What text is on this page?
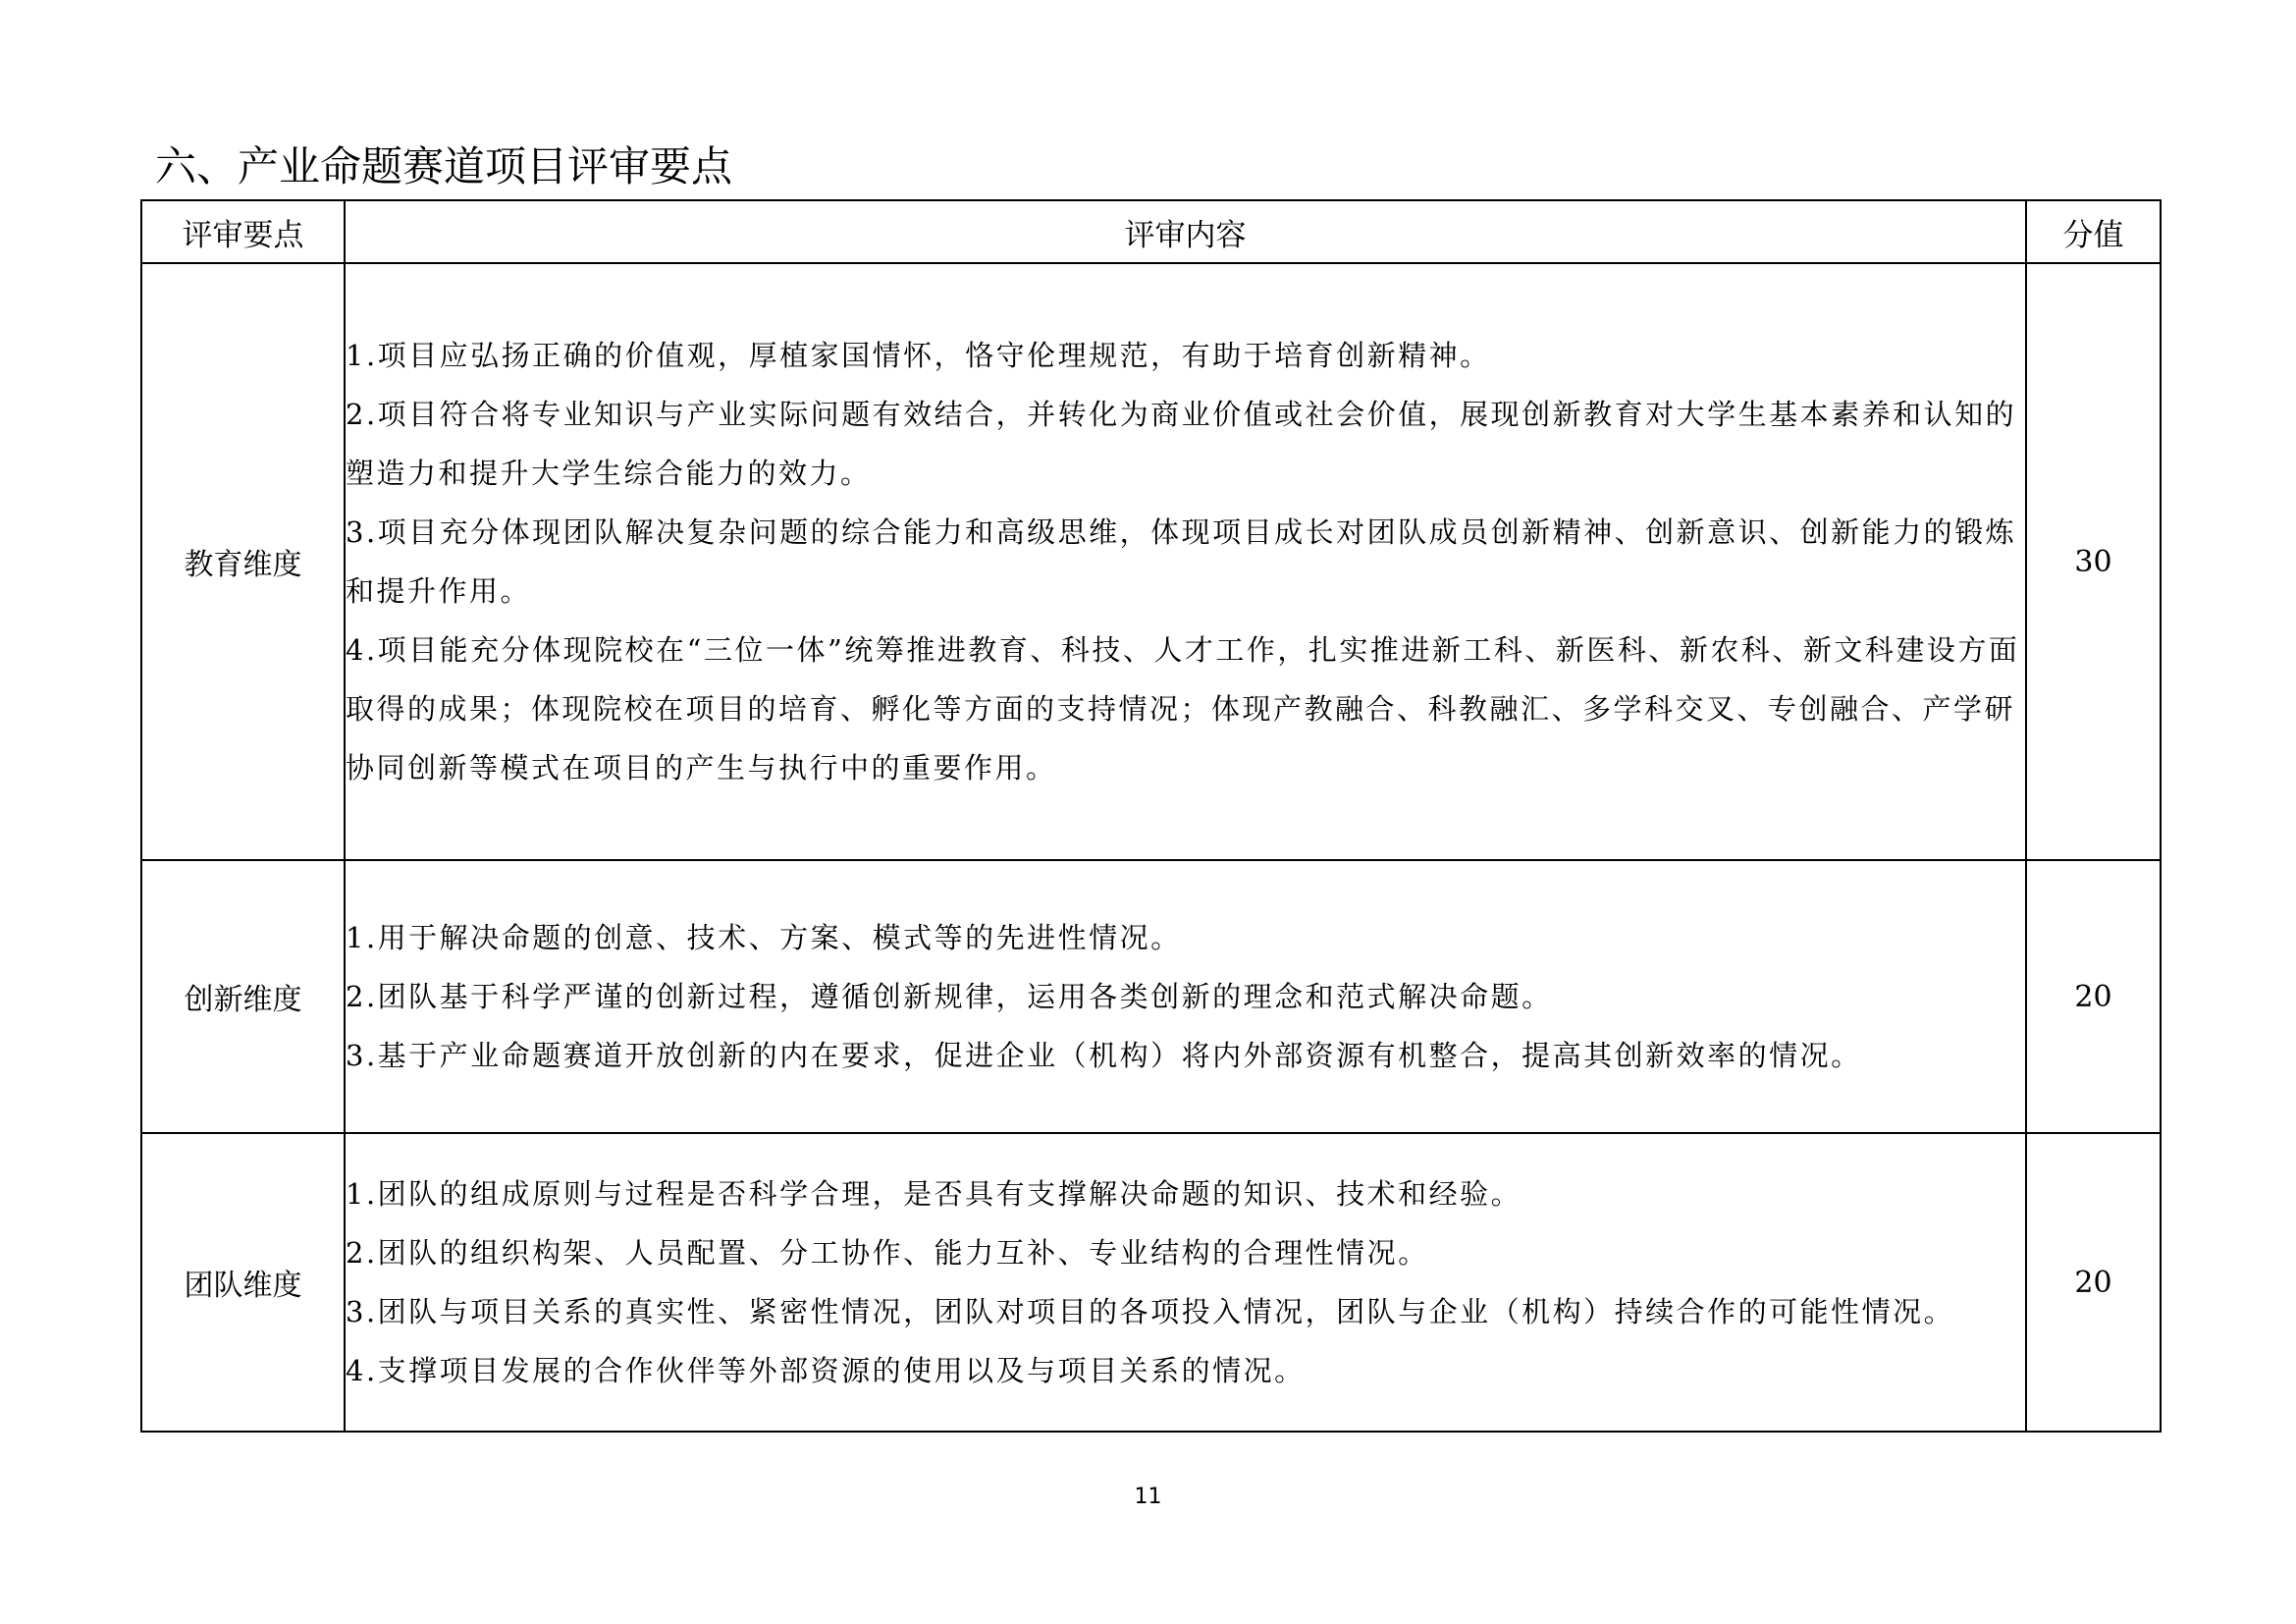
六、产业命题赛道项目评审要点
评审要点	评审内容	分值
教育维度	1.项目应弘扬正确的价值观，厚植家国情怀，恪守伦理规范，有助于培育创新精神。

2.项目符合将专业知识与产业实际问题有效结合，并转化为商业价值或社会价值，展现创新教育对大学生基本素养和认知的塑造力和提升大学生综合能力的效力。

3.项目充分体现团队解决复杂问题的综合能力和高级思维，体现项目成长对团队成员创新精神、创新意识、创新能力的锻炼和提升作用。

4.项目能充分体现院校在“三位一体”统筹推进教育、科技、人才工作，扎实推进新工科、新医科、新农科、新文科建设方面取得的成果；体现院校在项目的培育、孵化等方面的支持情况；体现产教融合、科教融汇、多学科交叉、专创融合、产学研协同创新等模式在项目的产生与执行中的重要作用。	30
创新维度	1.用于解决命题的创意、技术、方案、模式等的先进性情况。

2.团队基于科学严谨的创新过程，遵循创新规律，运用各类创新的理念和范式解决命题。

3.基于产业命题赛道开放创新的内在要求，促进企业（机构）将内外部资源有机整合，提高其创新效率的情况。	20
团队维度	1.团队的组成原则与过程是否科学合理，是否具有支撑解决命题的知识、技术和经验。

2.团队的组织构架、人员配置、分工协作、能力互补、专业结构的合理性情况。

3.团队与项目关系的真实性、紧密性情况，团队对项目的各项投入情况，团队与企业（机构）持续合作的可能性情况。

4.支撑项目发展的合作伙伴等外部资源的使用以及与项目关系的情况。	20
11
